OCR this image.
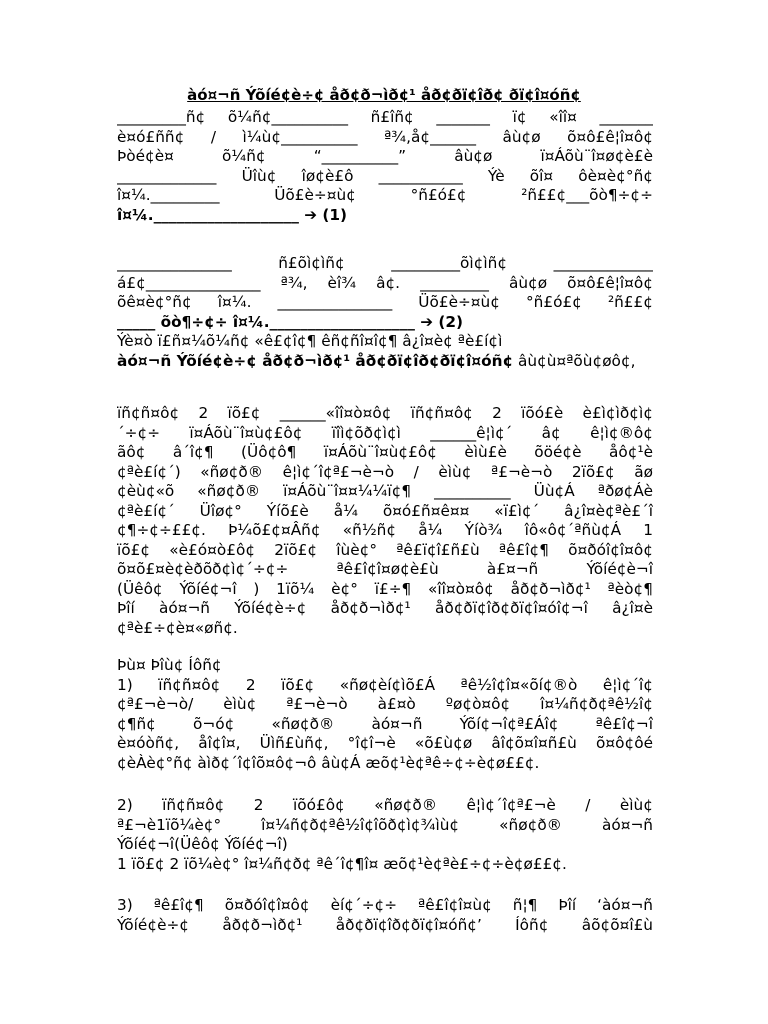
àó¤¬ñ Ýõíé¢è÷¢ åð¢ð¬ìð¢¹ åð¢ðï¢îð¢ ðï¢î¤óñ¢
_________ñ¢ õ¼ñ¢__________ ñ£îñ¢ _______ ï¢ «îî¤ _______
è¤ó£ññ¢ / ì¼ù¢__________ ª¾,å¢______ âù¢ø õ¤ô£ê¦î¤ô¢
Þòé¢è¤ õ¼ñ¢ “__________” âù¢ø ï¤Áõù¨î¤ø¢è£è
_____________ Üîù¢ îø¢è£ô ___________ Ýè õî¤ ôè¤è¢°ñ¢
î¤¼._________ Üõ£è÷¤ù¢ °ñ£ó£¢ ²ñ££¢___õò¶÷¢÷
î¤¼.___________________ ➔ (1)
_______________ ñ£õì¢ìñ¢ _________õì¢ìñ¢ _____________
á£¢_______________ ª¾, èî¾ â¢. _________ âù¢ø õ¤ô£ê¦î¤ô¢
õê¤è¢°ñ¢ î¤¼. _______________ Üõ£è÷¤ù¢ °ñ£ó£¢ ²ñ££¢
_____ õò¶÷¢÷ î¤¼.___________________ ➔ (2)
Ýè¤ò ï£ñ¤¼õ¼ñ¢ «ê£¢î¢¶ êñ¢ñî¤î¢¶ â¿î¤è¢ ªè£í¢ì
àó¤¬ñ Ýõíé¢è÷¢ åð¢ð¬ìð¢¹ åð¢ðï¢îð¢ðï¢î¤óñ¢ âù¢ù¤ªõù¢øô¢,
ïñ¢ñ¤ô¢ 2 ïõ£¢ ______«îî¤ò¤ô¢ ïñ¢ñ¤ô¢ 2 ïõó£è è£ì¢ìð¢ì¢
´÷¢÷ ï¤Áõù¨î¤ù¢£ô¢ ïîì¢õð¢ì¢ì ______ê¦ì¢´ â¢ ê¦ì¢®ô¢
ãô¢ â´î¢¶ (Üô¢ô¶ ï¤Áõù¨î¤ù¢£ô¢ èìù£è õöé¢è åô¢¹è
¢ªè£í¢´) «ñø¢ð® ê¦ì¢´î¢ª£¬è¬ò / èìù¢ ª£¬è¬ò 2ïõ£¢ ãø
¢èù¢«õ «ñø¢ð® ï¤Áõù¨î¤¤¼¼ï¢¶ __________ Üù¢Á ªðø¢Áè
¢ªè£í¢´ Üîø¢° Ýíõ£è å¼ õ¤ó£ñ¤ê¤¤ «ï£ì¢´ â¿î¤è¢ªè£´î
¢¶÷¢÷££¢. Þ¼õ£¢¤Âñ¢ «ñ½ñ¢ å¼ Ýíò¾ îô«ô¢´ªñù¢Á 1
ïõ£¢ «è£ó¤ò£ô¢ 2ïõ£¢ îùè¢° ªê£ï¢î£ñ£ù ªê£î¢¶ õ¤ðóî¢î¤ô¢
õ¤õ£¤è¢èðõð¢ì¢´÷¢÷ ªê£î¢î¤ø¢è£ù à£¤¬ñ Ýõíé¢è¬î
(Üêô¢ Ýõíé¢¬î ) 1ïõ¼ è¢° ï£÷¶ «îî¤ò¤ô¢ åð¢ð¬ìð¢¹ ªèò¢¶
Þîí àó¤¬ñ Ýõíé¢è÷¢ åð¢ð¬ìð¢¹ åð¢ðï¢îð¢ðï¢î¤óî¢¬î â¿î¤è
¢ªè£÷¢è¤«øñ¢.
Þù¤ Þîù¢ Íôñ¢
1) ïñ¢ñ¤ô¢ 2 ïõ£¢ «ñø¢èí¢ìõ£Á ªê½î¢î¤«õí¢®ò ê¦ì¢´î¢
¢ª£¬è¬ò/ èìù¢ ª£¬è¬ò à£¤ò ºø¢ò¤ô¢ î¤¼ñ¢ð¢ªê½î¢
¢¶ñ¢ õ¬ó¢ «ñø¢ð® àó¤¬ñ Ýõí¢¬î¢ª£Áî¢ ªê£î¢¬î
è¤óòñ¢, åî¢î¤, Üìñ£ùñ¢, °î¢î¬è «õ£ù¢ø âî¢õ¤î¤ñ£ù õ¤ô¢ôé
¢èÀè¢°ñ¢ àìð¢´î¢îõ¤ô¢¬ô âù¢Á æõ¢¹è¢ªê÷¢÷è¢ø££¢.
2) ïñ¢ñ¤ô¢ 2 ïõó£ô¢ «ñø¢ð® ê¦ì¢´î¢ª£¬è / èìù¢
ª£¬è1ïõ¼è¢° î¤¼ñ¢ð¢ªê½î¢îõð¢ì¢¾ìù¢ «ñø¢ð® àó¤¬ñ
Ýõíé¢¬î(Üêô¢ Ýõíé¢¬î)
1 ïõ£¢ 2 ïõ¼è¢° î¤¼ñ¢ð¢ ªê´î¢¶î¤ æõ¢¹è¢ªè£÷¢÷è¢ø££¢.
3) ªê£î¢¶ õ¤ðóî¢î¤ô¢ èí¢´÷¢÷ ªê£î¢î¤ù¢ ñ¦¶ Þîí ‘àó¤¬ñ
Ýõíé¢è÷¢ åð¢ð¬ìð¢¹ åð¢ðï¢îð¢ðï¢î¤óñ¢’ Íôñ¢ âõ¢õ¤î£ù
